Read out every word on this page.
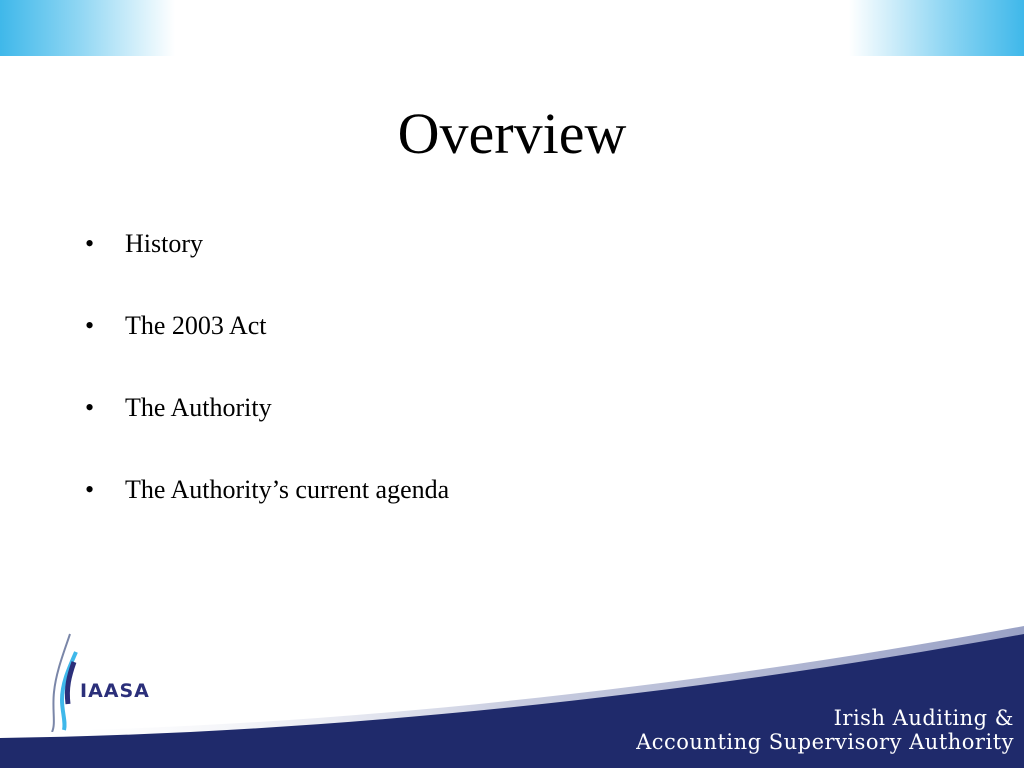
Overview
•	History
•	The 2003 Act
•	The Authority
•	The Authority’s current agenda
IAASA
Irish Auditing &
Accounting Supervisory Authority
